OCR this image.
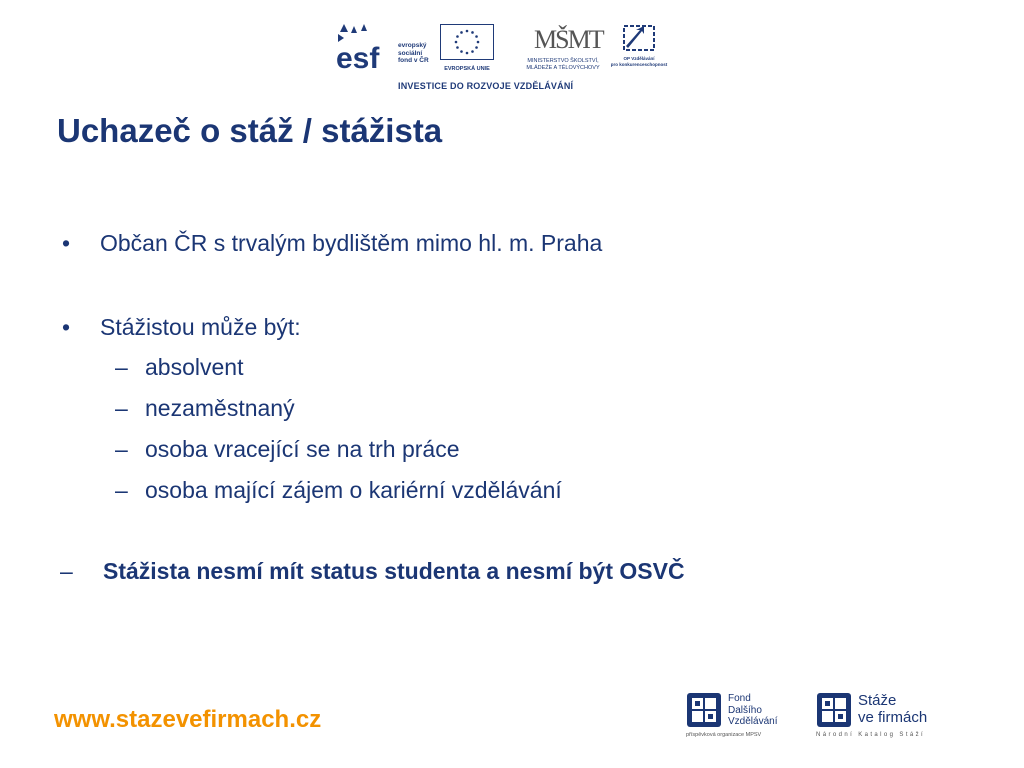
esf	evropský
sociální
fond v ČR
EVROPSKÁ UNIE
MŠMT
MINISTERSTVO ŠKOLSTVÍ,
MLÁDEŽE A TĚLOVÝCHOVY
OP Vzdělávání
pro konkurenceschopnost
INVESTICE DO ROZVOJE VZDĚLÁVÁNÍ
Uchazeč o stáž / stážista
• Občan ČR s trvalým bydlištěm mimo hl. m. Praha
• Stážistou může být:
– absolvent
– nezaměstnaný
– osoba vracející se na trh práce
– osoba mající zájem o kariérní vzdělávání
– Stážista nesmí mít status studenta a nesmí být OSVČ
www.stazevefirmach.cz
Fond
Dalšího
Vzdělávání
příspěvková organizace MPSV
Stáže
ve firmách
Národní Katalog Stáží
